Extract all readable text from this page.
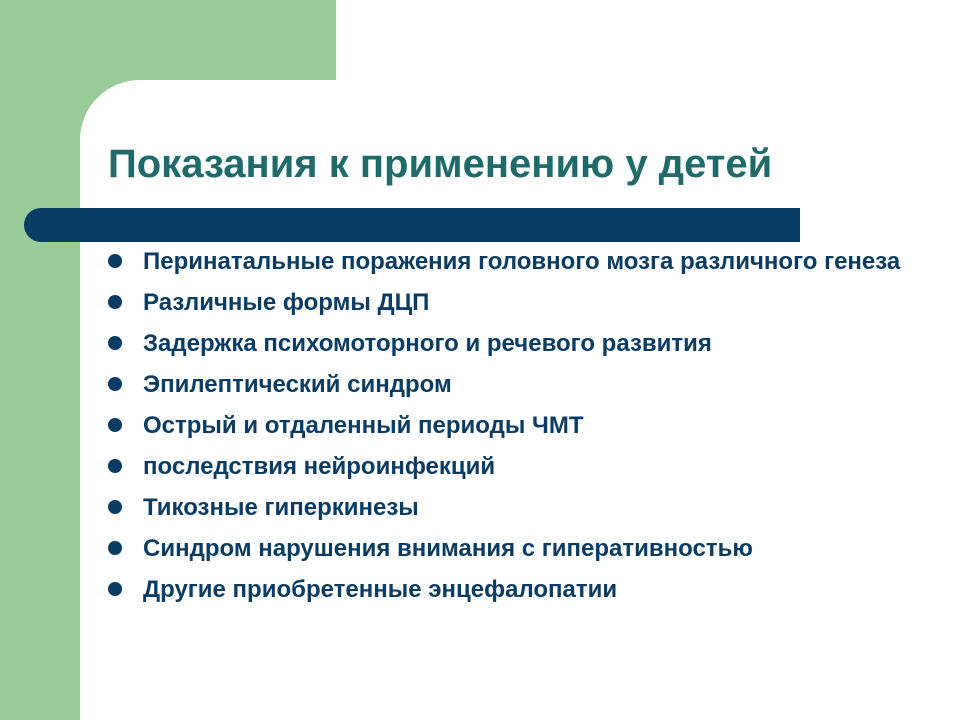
Показания к применению у детей
Перинатальные поражения головного мозга различного генеза
Различные формы ДЦП
Задержка психомоторного и речевого развития
Эпилептический синдром
Острый и отдаленный периоды ЧМТ
последствия нейроинфекций
Тикозные гиперкинезы
Синдром нарушения внимания с гиперативностью
Другие приобретенные энцефалопатии
